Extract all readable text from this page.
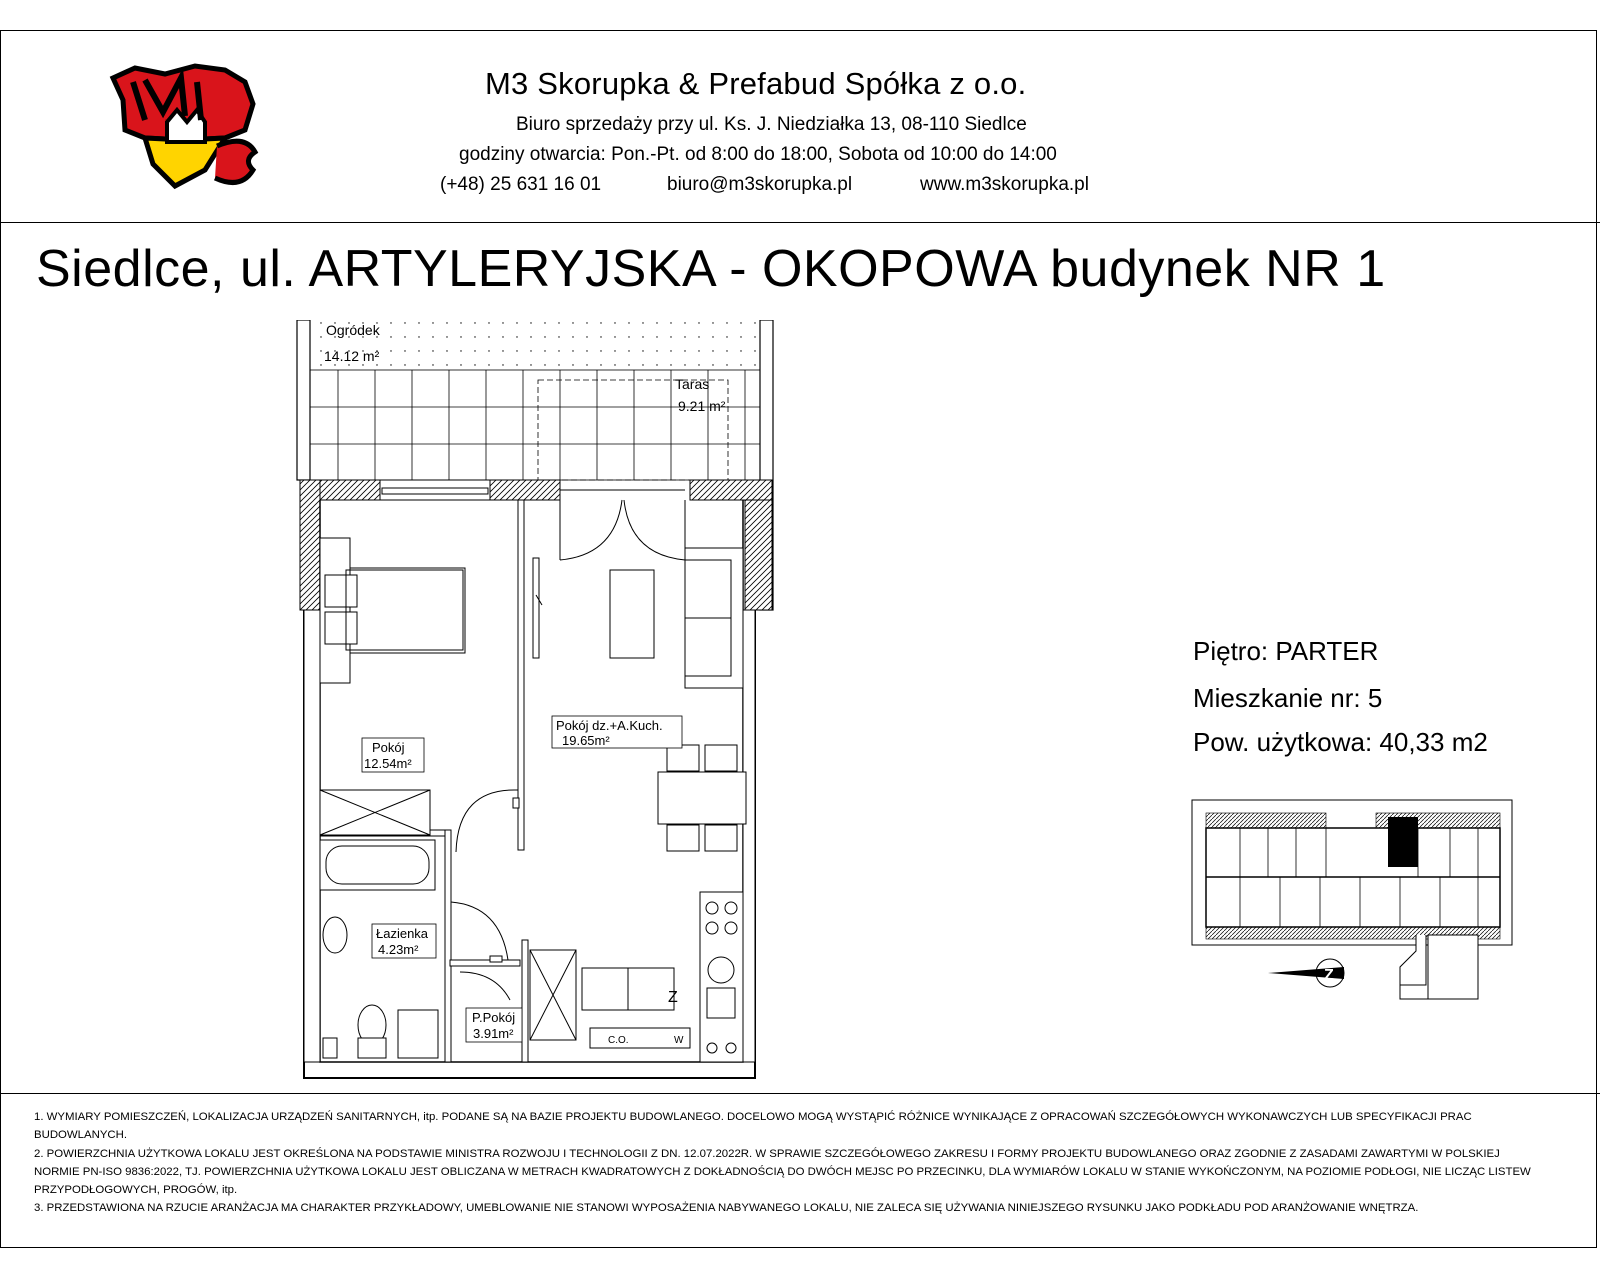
M3
M3 Skorupka & Prefabud Spółka z o.o.
Biuro sprzedaży przy ul. Ks. J. Niedziałka 13, 08-110 Siedlce
godziny otwarcia: Pon.-Pt. od 8:00 do 18:00, Sobota od 10:00 do 14:00
(+48) 25 631 16 01	biuro@m3skorupka.pl	www.m3skorupka.pl
Siedlce, ul. ARTYLERYJSKA - OKOPOWA budynek NR 1
Ogródek
14.12 m²
Taras
9.21 m²
Pokój dz.+A.Kuch.
19.65m²
Pokój
12.54m²
Łazienka
4.23m²
P.Pokój
3.91m²	C.O.	W
Z
Piętro: PARTER
Mieszkanie nr: 5
Pow. użytkowa: 40,33 m2
Z

1. WYMIARY POMIESZCZEŃ, LOKALIZACJA URZĄDZEŃ SANITARNYCH, itp. PODANE SĄ NA BAZIE PROJEKTU BUDOWLANEGO. DOCELOWO MOGĄ WYSTĄPIĆ RÓŻNICE WYNIKAJĄCE Z OPRACOWAŃ SZCZEGÓŁOWYCH WYKONAWCZYCH LUB SPECYFIKACJI PRAC BUDOWLANYCH.

2. POWIERZCHNIA UŻYTKOWA LOKALU JEST OKREŚLONA NA PODSTAWIE MINISTRA ROZWOJU I TECHNOLOGII Z DN. 12.07.2022R. W SPRAWIE SZCZEGÓŁOWEGO ZAKRESU I FORMY PROJEKTU BUDOWLANEGO ORAZ ZGODNIE Z ZASADAMI ZAWARTYMI W POLSKIEJ NORMIE PN-ISO 9836:2022, TJ. POWIERZCHNIA UŻYTKOWA LOKALU JEST OBLICZANA W METRACH KWADRATOWYCH Z DOKŁADNOŚCIĄ DO DWÓCH MEJSC PO PRZECINKU, DLA WYMIARÓW LOKALU W STANIE WYKOŃCZONYM, NA POZIOMIE PODŁOGI, NIE LICZĄC LISTEW PRZYPODŁOGOWYCH, PROGÓW, itp.

3. PRZEDSTAWIONA NA RZUCIE ARANŻACJA MA CHARAKTER PRZYKŁADOWY, UMEBLOWANIE NIE STANOWI WYPOSAŻENIA NABYWANEGO LOKALU, NIE ZALECA SIĘ UŻYWANIA NINIEJSZEGO RYSUNKU JAKO PODKŁADU POD ARANŻOWANIE WNĘTRZA.
